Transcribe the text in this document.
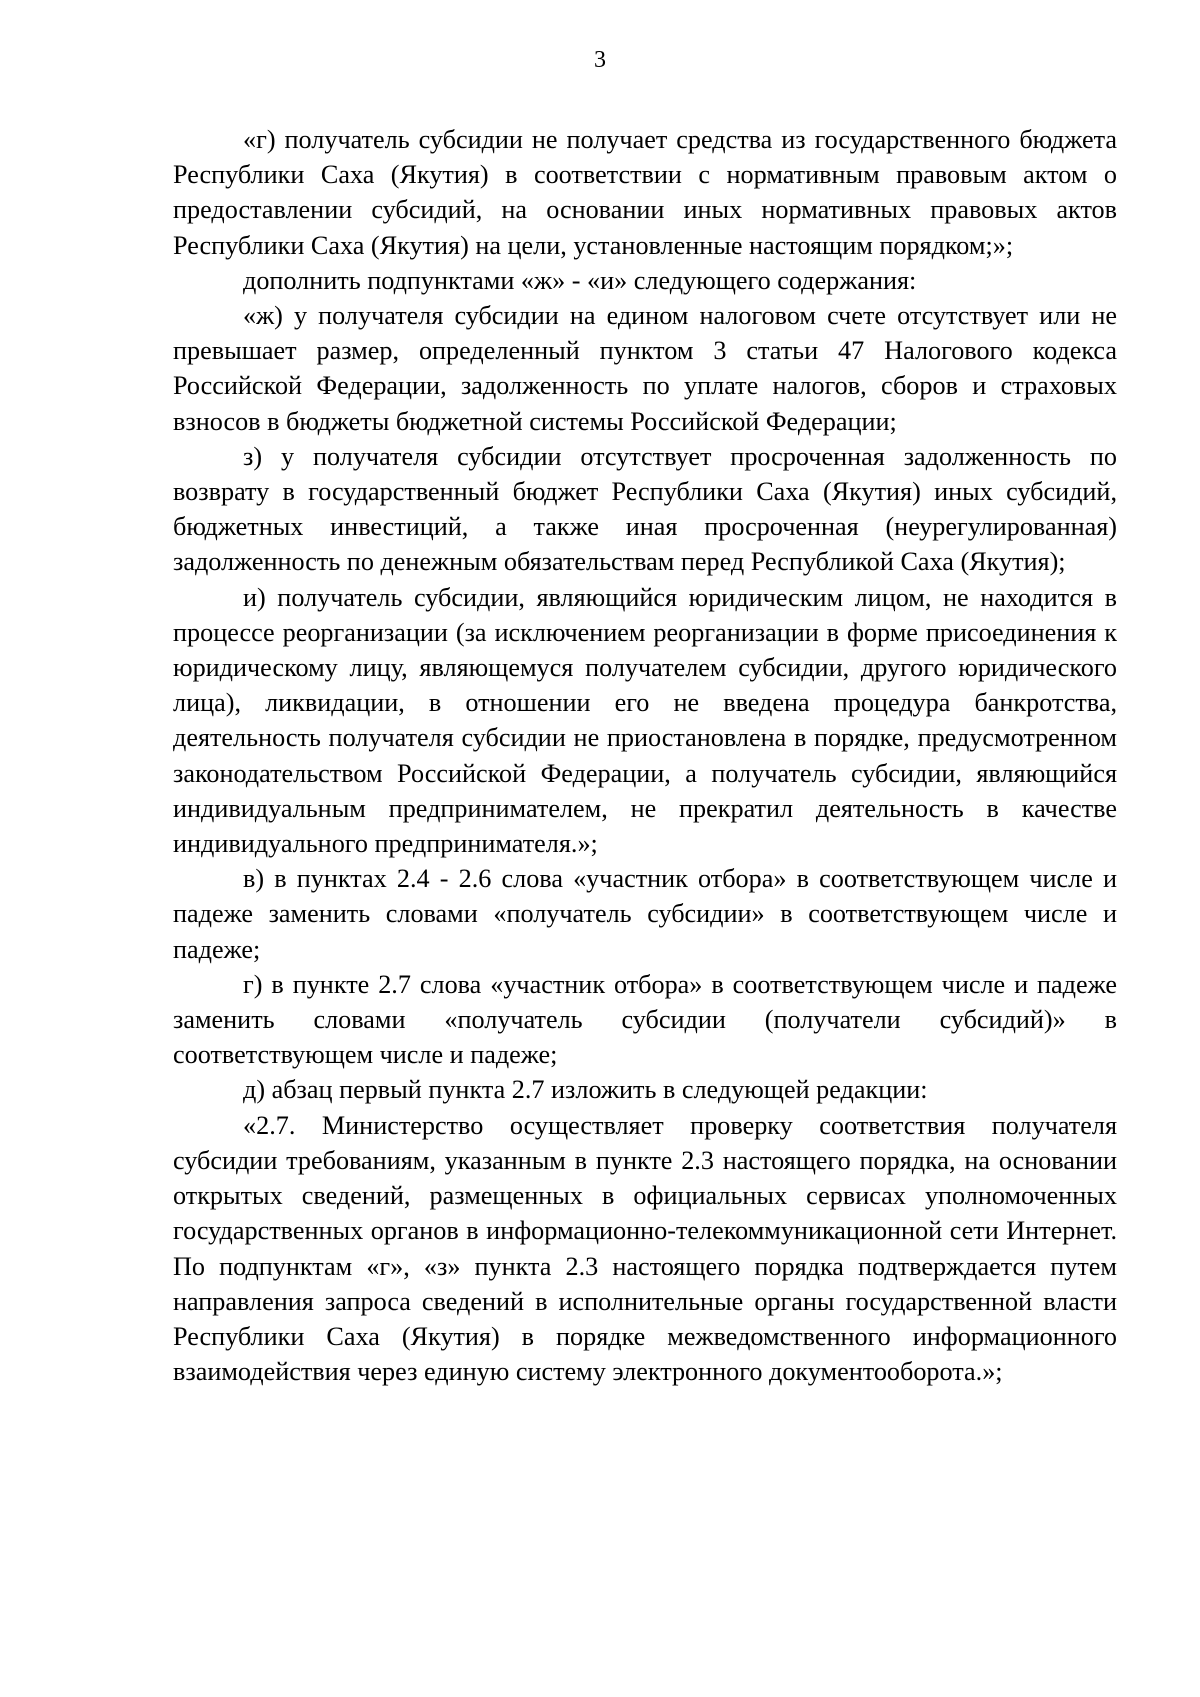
3

«г) получатель субсидии не получает средства из государственного бюджета Республики Саха (Якутия) в соответствии с нормативным правовым актом о предоставлении субсидий, на основании иных нормативных правовых актов Республики Саха (Якутия) на цели, установленные настоящим порядком;»;

дополнить подпунктами «ж» - «и» следующего содержания:

«ж) у получателя субсидии на едином налоговом счете отсутствует или не превышает размер, определенный пунктом 3 статьи 47 Налогового кодекса Российской Федерации, задолженность по уплате налогов, сборов и страховых взносов в бюджеты бюджетной системы Российской Федерации;

з) у получателя субсидии отсутствует просроченная задолженность по возврату в государственный бюджет Республики Саха (Якутия) иных субсидий, бюджетных инвестиций, а также иная просроченная (неурегулированная) задолженность по денежным обязательствам перед Республикой Саха (Якутия);

и) получатель субсидии, являющийся юридическим лицом, не находится в процессе реорганизации (за исключением реорганизации в форме присоединения к юридическому лицу, являющемуся получателем субсидии, другого юридического лица), ликвидации, в отношении его не введена процедура банкротства, деятельность получателя субсидии не приостановлена в порядке, предусмотренном законодательством Российской Федерации, а получатель субсидии, являющийся индивидуальным предпринимателем, не прекратил деятельность в качестве индивидуального предпринимателя.»;

в) в пунктах 2.4 - 2.6 слова «участник отбора» в соответствующем числе и падеже заменить словами «получатель субсидии» в соответствующем числе и падеже;

г) в пункте 2.7 слова «участник отбора» в соответствующем числе и падеже заменить словами «получатель субсидии (получатели субсидий)» в соответствующем числе и падеже;

д) абзац первый пункта 2.7 изложить в следующей редакции:

«2.7. Министерство осуществляет проверку соответствия получателя субсидии требованиям, указанным в пункте 2.3 настоящего порядка, на основании открытых сведений, размещенных в официальных сервисах уполномоченных государственных органов в информационно-телекоммуникационной сети Интернет. По подпунктам «г», «з» пункта 2.3 настоящего порядка подтверждается путем направления запроса сведений в исполнительные органы государственной власти Республики Саха (Якутия) в порядке межведомственного информационного взаимодействия через единую систему электронного документооборота.»;
